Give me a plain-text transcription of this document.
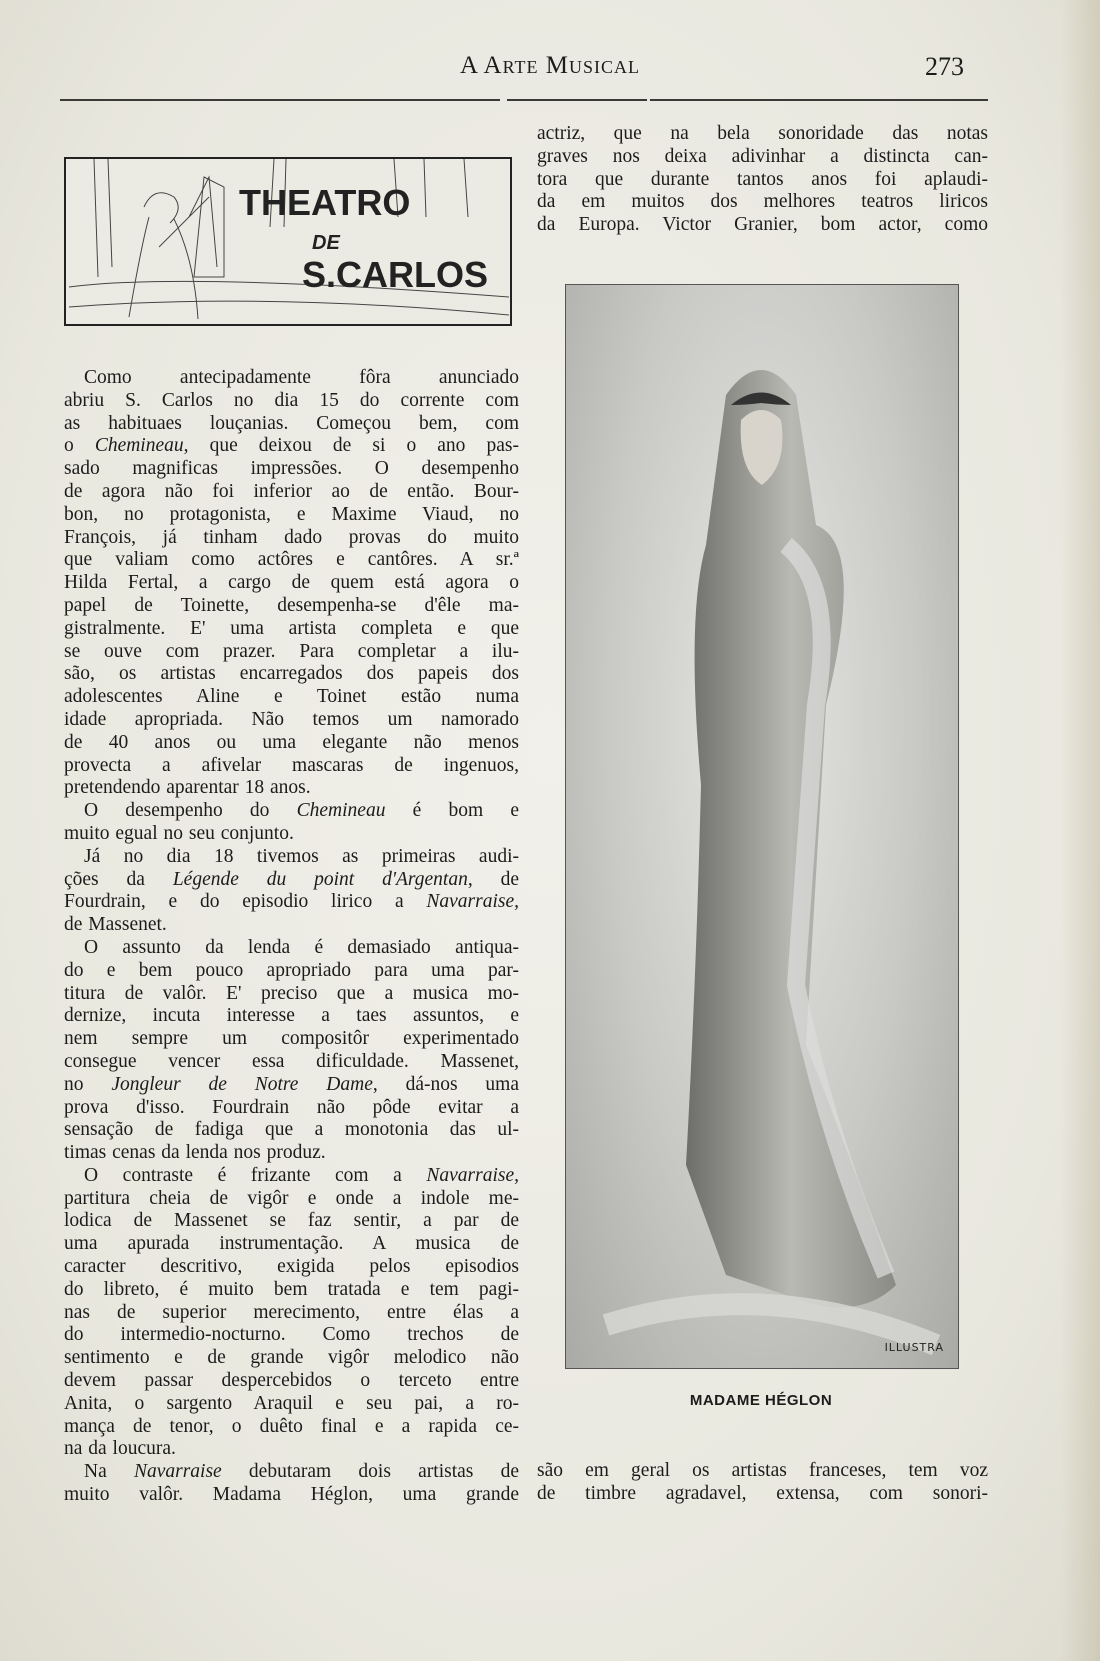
A Arte Musical	273
THEATRO
DE
S.CARLOS
Como antecipadamente fôra anunciado
abriu S. Carlos no dia 15 do corrente com
as habituaes louçanias. Começou bem, com
o Chemineau, que deixou de si o ano pas-
sado magnificas impressões. O desempenho
de agora não foi inferior ao de então. Bour-
bon, no protagonista, e Maxime Viaud, no
François, já tinham dado provas do muito
que valiam como actôres e cantôres. A sr.ª
Hilda Fertal, a cargo de quem está agora o
papel de Toinette, desempenha-se d'êle ma-
gistralmente. E' uma artista completa e que
se ouve com prazer. Para completar a ilu-
são, os artistas encarregados dos papeis dos
adolescentes Aline e Toinet estão numa
idade apropriada. Não temos um namorado
de 40 anos ou uma elegante não menos
provecta a afivelar mascaras de ingenuos,
pretendendo aparentar 18 anos.
O desempenho do Chemineau é bom e
muito egual no seu conjunto.
Já no dia 18 tivemos as primeiras audi-
ções da Légende du point d'Argentan, de
Fourdrain, e do episodio lirico a Navarraise,
de Massenet.
O assunto da lenda é demasiado antiqua-
do e bem pouco apropriado para uma par-
titura de valôr. E' preciso que a musica mo-
dernize, incuta interesse a taes assuntos, e
nem sempre um compositôr experimentado
consegue vencer essa dificuldade. Massenet,
no Jongleur de Notre Dame, dá-nos uma
prova d'isso. Fourdrain não pôde evitar a
sensação de fadiga que a monotonia das ul-
timas cenas da lenda nos produz.
O contraste é frizante com a Navarraise,
partitura cheia de vigôr e onde a indole me-
lodica de Massenet se faz sentir, a par de
uma apurada instrumentação. A musica de
caracter descritivo, exigida pelos episodios
do libreto, é muito bem tratada e tem pagi-
nas de superior merecimento, entre élas a
do intermedio-nocturno. Como trechos de
sentimento e de grande vigôr melodico não
devem passar despercebidos o terceto entre
Anita, o sargento Araquil e seu pai, a ro-
mança de tenor, o duêto final e a rapida ce-
na da loucura.
Na Navarraise debutaram dois artistas de
muito valôr. Madama Héglon, uma grande
actriz, que na bela sonoridade das notas
graves nos deixa adivinhar a distincta can-
tora que durante tantos anos foi aplaudi-
da em muitos dos melhores teatros liricos
da Europa. Victor Granier, bom actor, como
são em geral os artistas franceses, tem voz
de timbre agradavel, extensa, com sonori-
ILLUSTRA
MADAME HÉGLON
